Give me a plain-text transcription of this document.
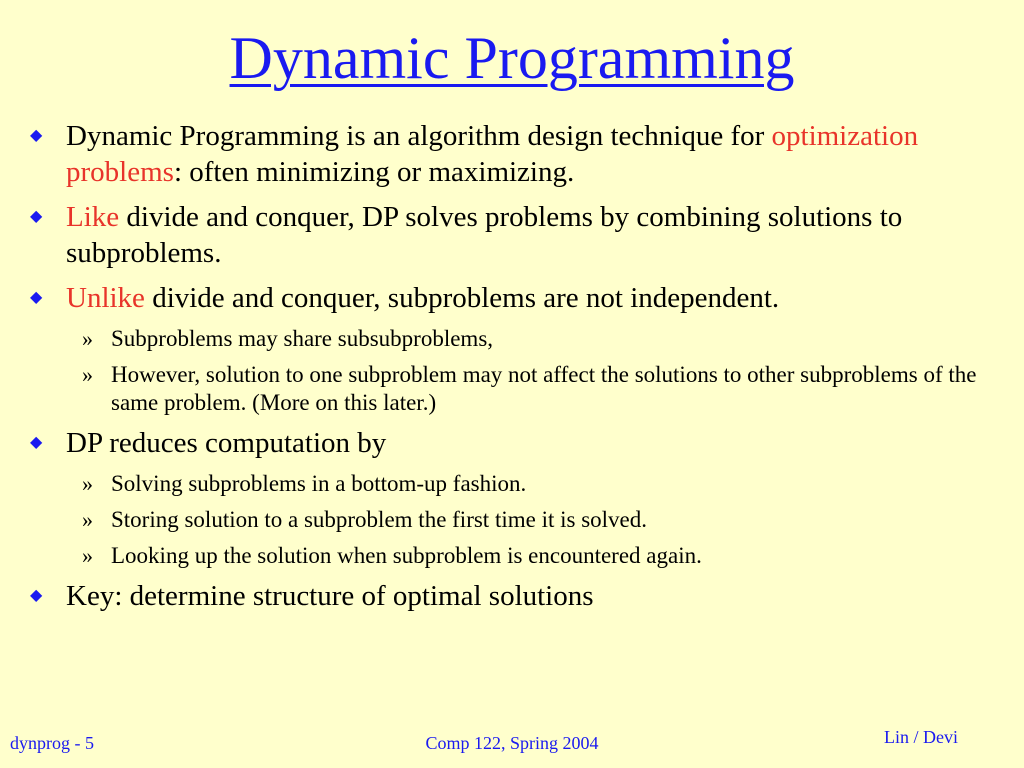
Dynamic Programming
◆ Dynamic Programming is an algorithm design technique for optimization problems: often minimizing or maximizing.
◆ Like divide and conquer, DP solves problems by combining solutions to subproblems.
◆ Unlike divide and conquer, subproblems are not independent.
» Subproblems may share subsubproblems,
» However, solution to one subproblem may not affect the solutions to other subproblems of the same problem. (More on this later.)
◆ DP reduces computation by
» Solving subproblems in a bottom-up fashion.
» Storing solution to a subproblem the first time it is solved.
» Looking up the solution when subproblem is encountered again.
◆ Key: determine structure of optimal solutions
dynprog - 5	Comp 122, Spring 2004	Lin / Devi
